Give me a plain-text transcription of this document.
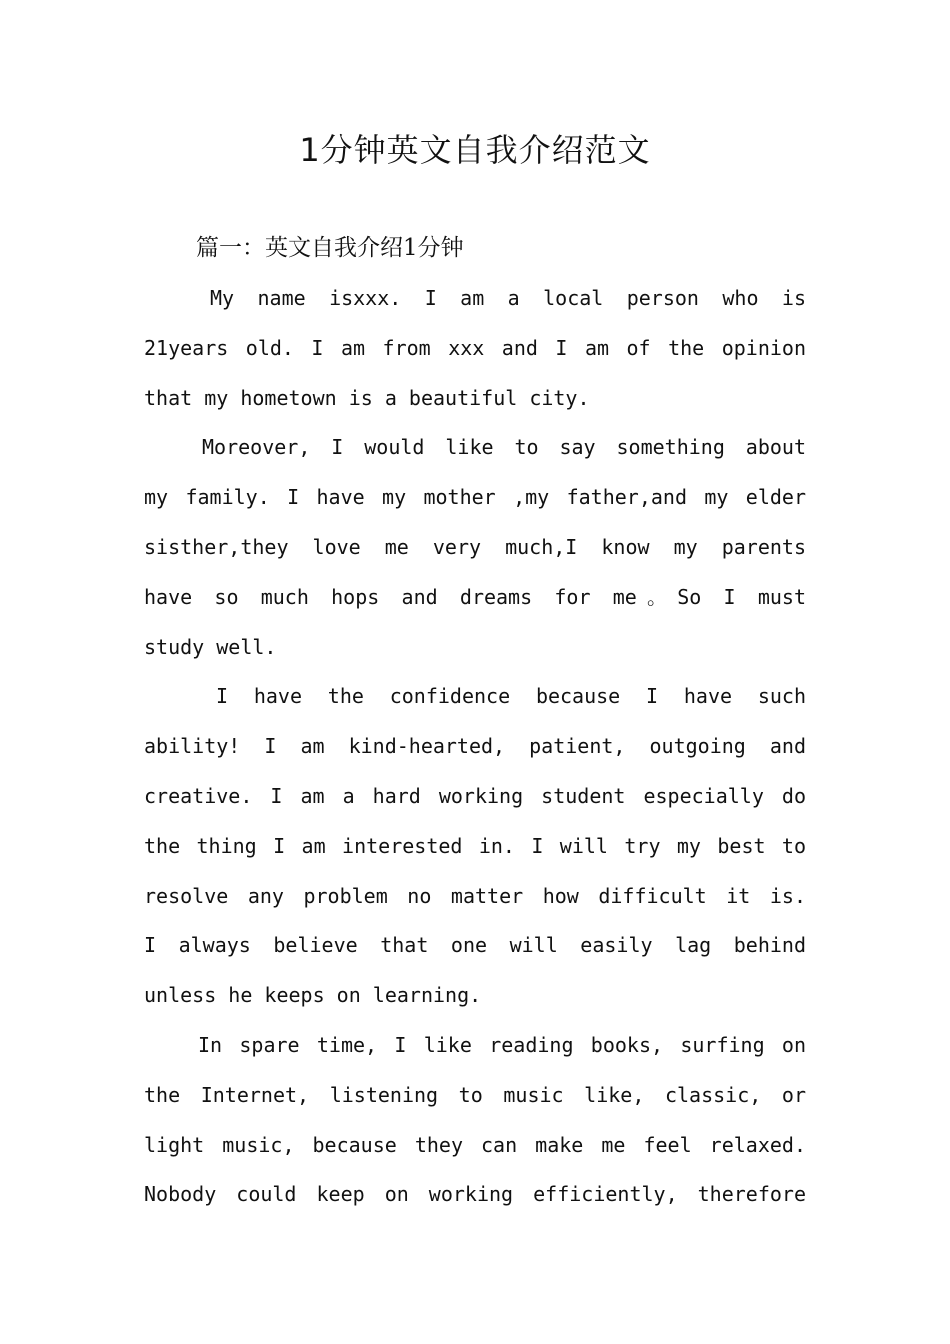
1分钟英文自我介绍范文

篇一：英文自我介绍1分钟

My name isxxx. I am a local person who is
21years old. I am from xxx and I am of the opinion
that my hometown is a beautiful city.
Moreover, I would like to say something about
my family. I have my mother ,my father,and my elder
sisther,they love me very much,I know my parents
have so much hops and dreams for me。So I must
study well.
I have the confidence because I have such
ability! I am kind-hearted, patient, outgoing and
creative. I am a hard working student especially do
the thing I am interested in. I will try my best to
resolve any problem no matter how difficult it is.
I always believe that one will easily lag behind
unless he keeps on learning.
In spare time, I like reading books, surfing on
the Internet, listening to music like, classic, or
light music, because they can make me feel relaxed.
Nobody could keep on working efficiently, therefore
